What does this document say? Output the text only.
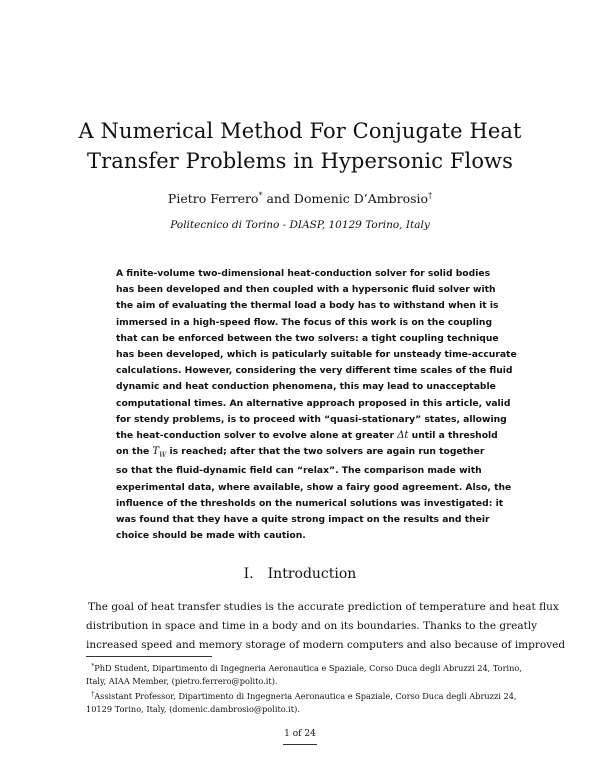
A Numerical Method For Conjugate Heat
Transfer Problems in Hypersonic Flows
Pietro Ferrero* and Domenic D’Ambrosio†
Politecnico di Torino - DIASP, 10129 Torino, Italy
A finite-volume two-dimensional heat-conduction solver for solid bodies
has been developed and then coupled with a hypersonic fluid solver with
the aim of evaluating the thermal load a body has to withstand when it is
immersed in a high-speed flow. The focus of this work is on the coupling
that can be enforced between the two solvers: a tight coupling technique
has been developed, which is paticularly suitable for unsteady time-accurate
calculations. However, considering the very different time scales of the fluid
dynamic and heat conduction phenomena, this may lead to unacceptable
computational times. An alternative approach proposed in this article, valid
for stendy problems, is to proceed with “quasi-stationary” states, allowing
the heat-conduction solver to evolve alone at greater Δt until a threshold
on the $T_W$ is reached; after that the two solvers are again run together
so that the fluid-dynamic field can “relax”. The comparison made with
experimental data, where available, show a fairy good agreement. Also, the
influence of the thresholds on the numerical solutions was investigated: it
was found that they have a quite strong impact on the results and their
choice should be made with caution.
I. Introduction
The goal of heat transfer studies is the accurate prediction of temperature and heat flux
distribution in space and time in a body and on its boundaries. Thanks to the greatly
increased speed and memory storage of modern computers and also because of improved
*PhD Student, Dipartimento di Ingegneria Aeronautica e Spaziale, Corso Duca degli Abruzzi 24, Torino,
Italy, AIAA Member, (pietro.ferrero@polito.it).
†Assistant Professor, Dipartimento di Ingegneria Aeronautica e Spaziale, Corso Duca degli Abruzzi 24,
10129 Torino, Italy, (domenic.dambrosio@polito.it).
1 of 24
